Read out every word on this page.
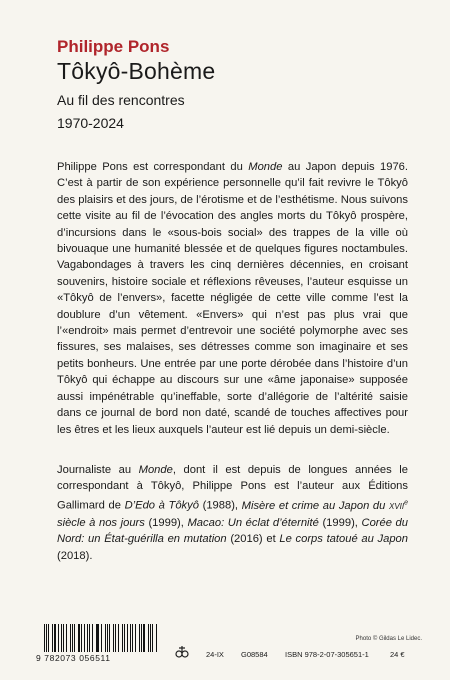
Philippe Pons

Tôkyô-Bohème
Au fil des rencontres
1970-2024

Philippe Pons est correspondant du Monde au Japon depuis 1976. C’est à partir de son expérience personnelle qu’il fait revivre le Tôkyô des plaisirs et des jours, de l’érotisme et de l’esthétisme. Nous suivons cette visite au fil de l’évocation des angles morts du Tôkyô prospère, d’incursions dans le «sous-bois social» des trappes de la ville où bivouaque une humanité blessée et de quelques figures noctambules. Vagabondages à travers les cinq dernières décennies, en croisant souvenirs, histoire sociale et réflexions rêveuses, l’auteur esquisse un «Tôkyô de l’envers», facette négligée de cette ville comme l’est la doublure d’un vêtement. «Envers» qui n’est pas plus vrai que l’«endroit» mais permet d’entrevoir une société polymorphe avec ses fissures, ses malaises, ses détresses comme son imaginaire et ses petits bonheurs. Une entrée par une porte dérobée dans l’histoire d’un Tôkyô qui échappe au discours sur une «âme japonaise» supposée aussi impénétrable qu’ineffable, sorte d’allégorie de l’altérité saisie dans ce journal de bord non daté, scandé de touches affectives pour les êtres et les lieux auxquels l’auteur est lié depuis un demi-siècle.

Journaliste au Monde, dont il est depuis de longues années le correspondant à Tôkyô, Philippe Pons est l’auteur aux Éditions Gallimard de D’Edo à Tôkyô (1988), Misère et crime au Japon du XVIIe siècle à nos jours (1999), Macao: Un éclat d’éternité (1999), Corée du Nord: un État-guérilla en mutation (2016) et Le corps tatoué au Japon (2018).

Photo © Gildas Le Lidec.
9 782073 056511	24-IX G08584 ISBN 978-2-07-305651-1	24 €
